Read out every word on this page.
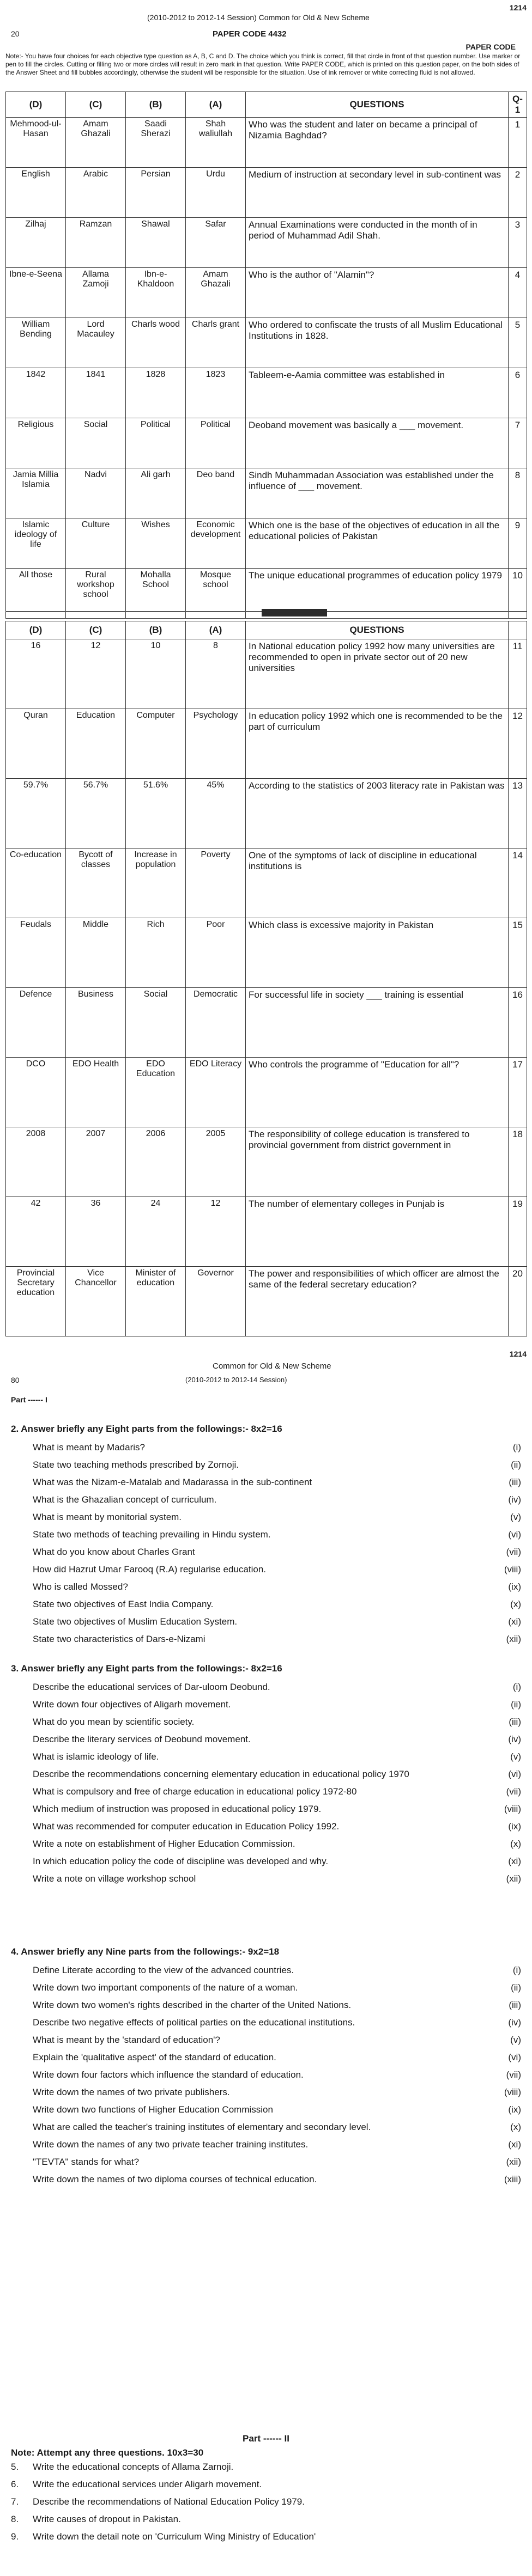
1214
(2010-2012 to 2012-14 Session) Common for Old & New Scheme
PAPER CODE 4432
20
PAPER CODE
Note:- You have four choices for each objective type question as A, B, C and D. The choice which you think is correct, fill that circle in front of that question number. Use marker or pen to fill the circles. Cutting or filling two or more circles will result in zero mark in that question. Write PAPER CODE, which is printed on this question paper, on the both sides of the Answer Sheet and fill bubbles accordingly, otherwise the student will be responsible for the situation. Use of ink remover or white correcting fluid is not allowed.
(D)	(C)	(B)	(A)	QUESTIONS	Q-1
Mehmood-ul-Hasan	Amam Ghazali	Saadi Sherazi	Shah waliullah	Who was the student and later on became a principal of Nizamia Baghdad?	1
English	Arabic	Persian	Urdu	Medium of instruction at secondary level in sub-continent was	2
Zilhaj	Ramzan	Shawal	Safar	Annual Examinations were conducted in the month of in period of Muhammad Adil Shah.	3
Ibne-e-Seena	Allama Zamoji	Ibn-e-Khaldoon	Amam Ghazali	Who is the author of "Alamin"?	4
William Bending	Lord Macauley	Charls wood	Charls grant	Who ordered to confiscate the trusts of all Muslim Educational Institutions in 1828.	5
1842	1841	1828	1823	Tableem-e-Aamia committee was established in	6
Religious	Social	Political	Political	Deoband movement was basically a ___ movement.	7
Jamia Millia Islamia	Nadvi	Ali garh	Deo band	Sindh Muhammadan Association was established under the influence of ___ movement.	8
Islamic ideology of life	Culture	Wishes	Economic development	Which one is the base of the objectives of education in all the educational policies of Pakistan	9
All those	Rural workshop school	Mohalla School	Mosque school	The unique educational programmes of education policy 1979	10
(D)	(C)	(B)	(A)	QUESTIONS	
16	12	10	8	In National education policy 1992 how many universities are recommended to open in private sector out of 20 new universities	11
Quran	Education	Computer	Psychology	In education policy 1992 which one is recommended to be the part of curriculum	12
59.7%	56.7%	51.6%	45%	According to the statistics of 2003 literacy rate in Pakistan was	13
Co-education	Bycott of classes	Increase in population	Poverty	One of the symptoms of lack of discipline in educational institutions is	14
Feudals	Middle	Rich	Poor	Which class is excessive majority in Pakistan	15
Defence	Business	Social	Democratic	For successful life in society ___ training is essential	16
DCO	EDO Health	EDO Education	EDO Literacy	Who controls the programme of "Education for all"?	17
2008	2007	2006	2005	The responsibility of college education is transfered to provincial government from district government in	18
42	36	24	12	The number of elementary colleges in Punjab is	19
Provincial Secretary education	Vice Chancellor	Minister of education	Governor	The power and responsibilities of which officer are almost the same of the federal secretary education?	20
1214
Common for Old & New Scheme
(2010-2012 to 2012-14 Session)
80
Part ------ I
2. Answer briefly any Eight parts from the followings:- 8x2=16
What is meant by Madaris?	(i)
State two teaching methods prescribed by Zornoji.	(ii)
What was the Nizam-e-Matalab and Madarassa in the sub-continent	(iii)
What is the Ghazalian concept of curriculum.	(iv)
What is meant by monitorial system.	(v)
State two methods of teaching prevailing in Hindu system.	(vi)
What do you know about Charles Grant	(vii)
How did Hazrut Umar Farooq (R.A) regularise education.	(viii)
Who is called Mossed?	(ix)
State two objectives of East India Company.	(x)
State two objectives of Muslim Education System.	(xi)
State two characteristics of Dars-e-Nizami	(xii)
3. Answer briefly any Eight parts from the followings:- 8x2=16
Describe the educational services of Dar-uloom Deobund.	(i)
Write down four objectives of Aligarh movement.	(ii)
What do you mean by scientific society.	(iii)
Describe the literary services of Deobund movement.	(iv)
What is islamic ideology of life.	(v)
Describe the recommendations concerning elementary education in educational policy 1970	(vi)
What is compulsory and free of charge education in educational policy 1972-80	(vii)
Which medium of instruction was proposed in educational policy 1979.	(viii)
What was recommended for computer education in Education Policy 1992.	(ix)
Write a note on establishment of Higher Education Commission.	(x)
In which education policy the code of discipline was developed and why.	(xi)
Write a note on village workshop school	(xii)
4. Answer briefly any Nine parts from the followings:- 9x2=18
Define Literate according to the view of the advanced countries.	(i)
Write down two important components of the nature of a woman.	(ii)
Write down two women's rights described in the charter of the United Nations.	(iii)
Describe two negative effects of political parties on the educational institutions.	(iv)
What is meant by the 'standard of education'?	(v)
Explain the 'qualitative aspect' of the standard of education.	(vi)
Write down four factors which influence the standard of education.	(vii)
Write down the names of two private publishers.	(viii)
Write down two functions of Higher Education Commission	(ix)
What are called the teacher's training institutes of elementary and secondary level.	(x)
Write down the names of any two private teacher training institutes.	(xi)
"TEVTA" stands for what?	(xii)
Write down the names of two diploma courses of technical education.	(xiii)
Part ------ II
Note: Attempt any three questions. 10x3=30
5. Write the educational concepts of Allama Zarnoji.
6. Write the educational services under Aligarh movement.
7. Describe the recommendations of National Education Policy 1979.
8. Write causes of dropout in Pakistan.
9. Write down the detail note on 'Curriculum Wing Ministry of Education'
